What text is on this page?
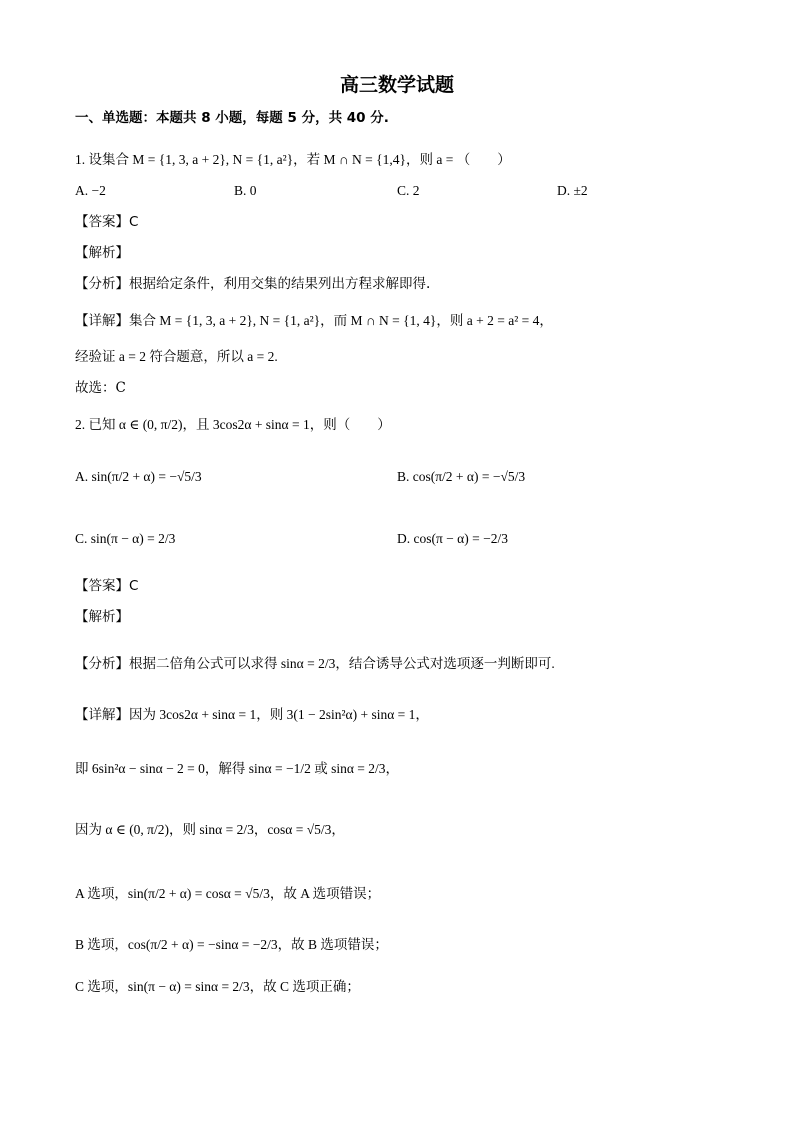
高三数学试题
一、单选题：本题共 8 小题，每题 5 分，共 40 分.
1. 设集合 M = {1, 3, a + 2}, N = {1, a²}，若 M ∩ N = {1,4}，则 a = （　　）
A. −2	B. 0	C. 2	D. ±2
【答案】C
【解析】
【分析】根据给定条件，利用交集的结果列出方程求解即得.
【详解】集合 M = {1, 3, a + 2}, N = {1, a²}，而 M ∩ N = {1, 4}，则 a + 2 = a² = 4，
经验证 a = 2 符合题意，所以 a = 2.
故选：C
2. 已知 α ∈ (0, π/2)，且 3cos2α + sinα = 1，则（　　）
A. sin(π/2 + α) = −√5/3	B. cos(π/2 + α) = −√5/3
C. sin(π − α) = 2/3	D. cos(π − α) = −2/3
【答案】C
【解析】
【分析】根据二倍角公式可以求得 sinα = 2/3，结合诱导公式对选项逐一判断即可.
【详解】因为 3cos2α + sinα = 1，则 3(1 − 2sin²α) + sinα = 1，
即 6sin²α − sinα − 2 = 0，解得 sinα = −1/2 或 sinα = 2/3，
因为 α ∈ (0, π/2)，则 sinα = 2/3，cosα = √5/3，
A 选项，sin(π/2 + α) = cosα = √5/3，故 A 选项错误；
B 选项，cos(π/2 + α) = −sinα = −2/3，故 B 选项错误；
C 选项，sin(π − α) = sinα = 2/3，故 C 选项正确；
